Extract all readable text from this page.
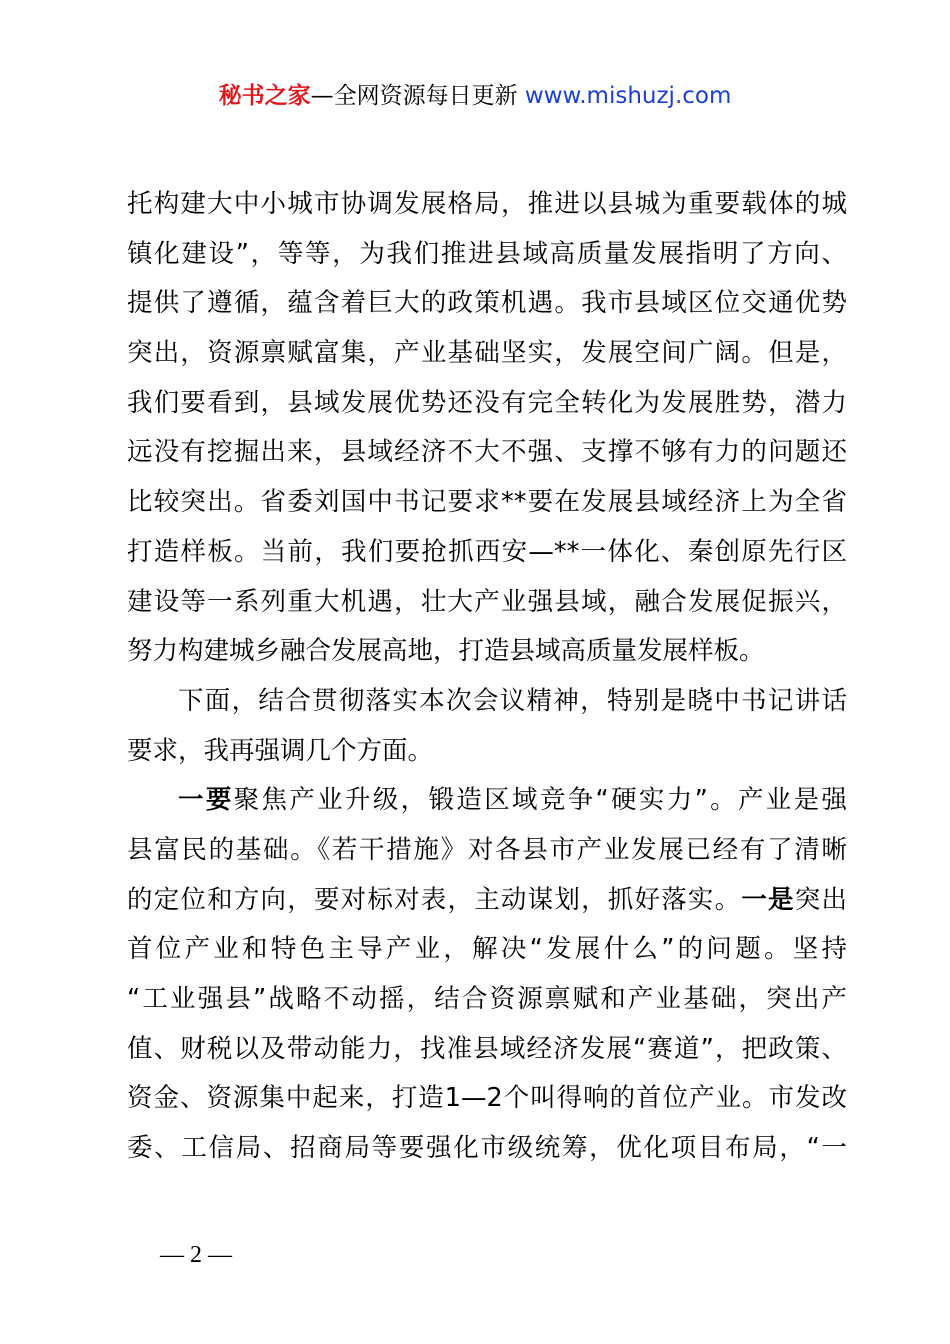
秘书之家—全网资源每日更新 www.mishuzj.com
托构建大中小城市协调发展格局，推进以县城为重要载体的城
镇化建设”，等等，为我们推进县域高质量发展指明了方向、
提供了遵循，蕴含着巨大的政策机遇。我市县域区位交通优势
突出，资源禀赋富集，产业基础坚实，发展空间广阔。但是，
我们要看到，县域发展优势还没有完全转化为发展胜势，潜力
远没有挖掘出来，县域经济不大不强、支撑不够有力的问题还
比较突出。省委刘国中书记要求**要在发展县域经济上为全省
打造样板。当前，我们要抢抓西安—**一体化、秦创原先行区
建设等一系列重大机遇，壮大产业强县域，融合发展促振兴，
努力构建城乡融合发展高地，打造县域高质量发展样板。
下面，结合贯彻落实本次会议精神，特别是晓中书记讲话
要求，我再强调几个方面。
一要聚焦产业升级，锻造区域竞争“硬实力”。产业是强
县富民的基础。《若干措施》对各县市产业发展已经有了清晰
的定位和方向，要对标对表，主动谋划，抓好落实。一是突出
首位产业和特色主导产业，解决“发展什么”的问题。坚持
“工业强县”战略不动摇，结合资源禀赋和产业基础，突出产
值、财税以及带动能力，找准县域经济发展“赛道”，把政策、
资金、资源集中起来，打造1—2个叫得响的首位产业。市发改
委、工信局、招商局等要强化市级统筹，优化项目布局，“一
— 2 —
